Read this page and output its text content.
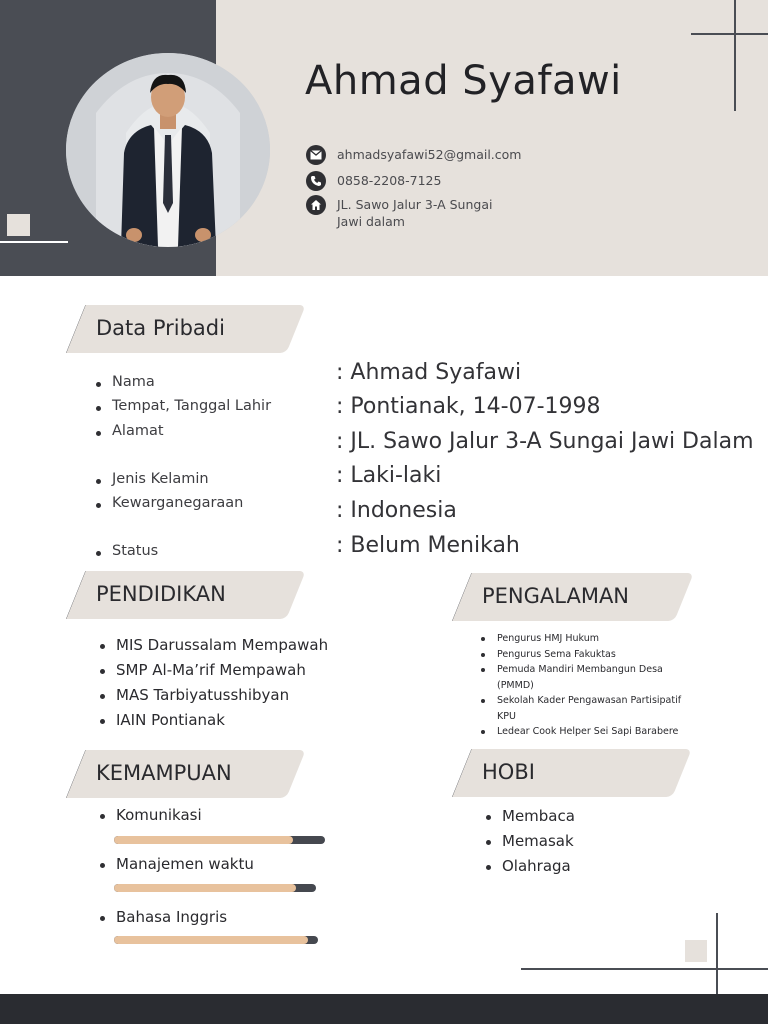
Ahmad Syafawi
ahmadsyafawi52@gmail.com
0858-2208-7125
JL. Sawo Jalur 3-A Sungai Jawi dalam
Data Pribadi
Nama
Tempat, Tanggal Lahir
Alamat
Jenis Kelamin
Kewarganegaraan
Status
: Ahmad Syafawi
: Pontianak, 14-07-1998
: JL. Sawo Jalur 3-A Sungai Jawi Dalam
: Laki-laki
: Indonesia
: Belum Menikah
PENDIDIKAN
MIS Darussalam Mempawah
SMP Al-Ma’rif Mempawah
MAS Tarbiyatusshibyan
IAIN Pontianak
PENGALAMAN
Pengurus HMJ Hukum
Pengurus Sema Fakuktas
Pemuda Mandiri Membangun Desa (PMMD)
Sekolah Kader Pengawasan Partisipatif KPU
Ledear Cook Helper Sei Sapi Barabere
KEMAMPUAN
Komunikasi
Manajemen waktu
Bahasa Inggris
HOBI
Membaca
Memasak
Olahraga
